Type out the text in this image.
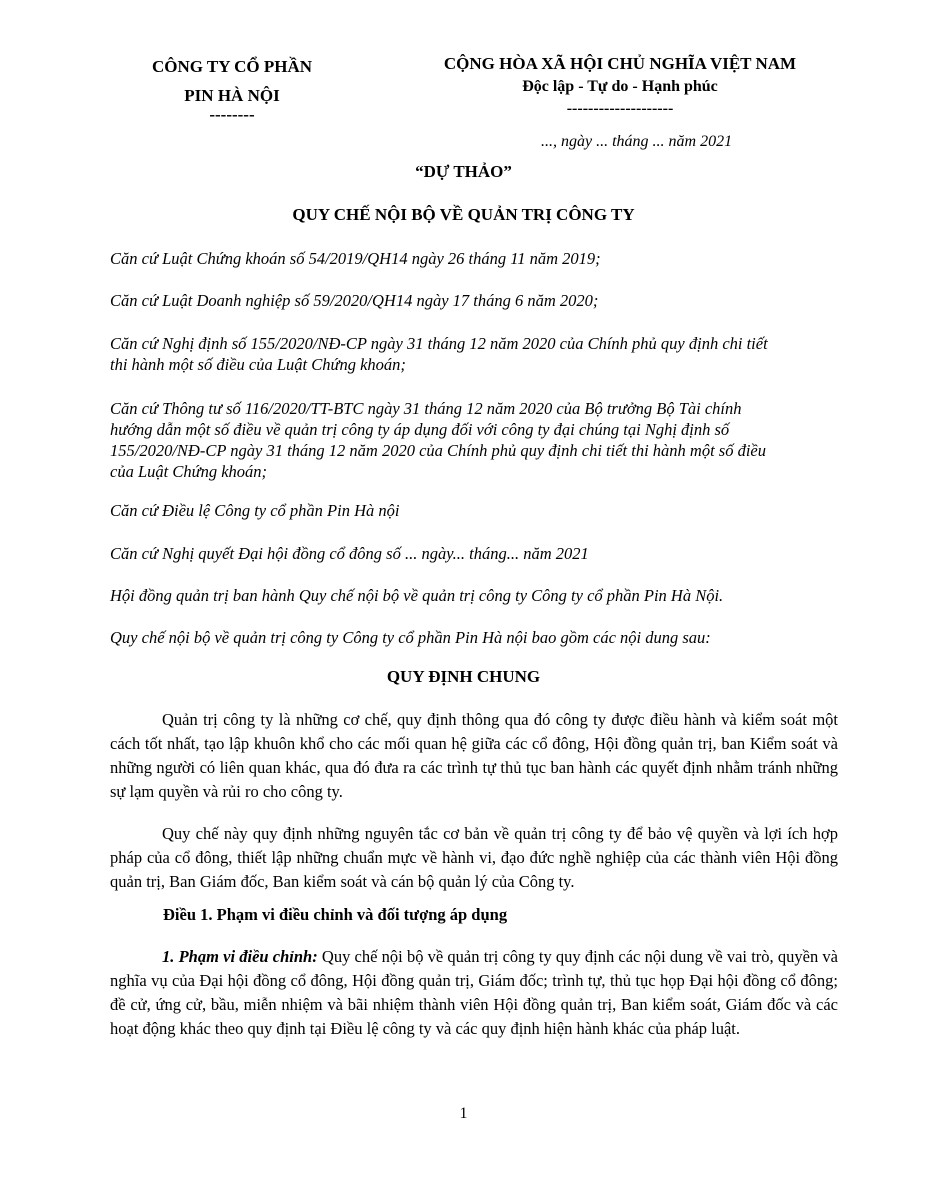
CÔNG TY CỔ PHẦN
PIN HÀ NỘI
--------
CỘNG HÒA XÃ HỘI CHỦ NGHĨA VIỆT NAM
Độc lập - Tự do - Hạnh phúc
--------------------
..., ngày ... tháng ... năm 2021
“DỰ THẢO”
QUY CHẾ NỘI BỘ VỀ QUẢN TRỊ CÔNG TY
Căn cứ Luật Chứng khoán số 54/2019/QH14 ngày 26 tháng 11 năm 2019;
Căn cứ Luật Doanh nghiệp số 59/2020/QH14 ngày 17 tháng 6 năm 2020;
Căn cứ Nghị định số 155/2020/NĐ-CP ngày 31 tháng 12 năm 2020 của Chính phủ quy định chi tiết
thi hành một số điều của Luật Chứng khoán;
Căn cứ Thông tư số 116/2020/TT-BTC ngày 31 tháng 12 năm 2020 của Bộ trưởng Bộ Tài chính
hướng dẫn một số điều về quản trị công ty áp dụng đối với công ty đại chúng tại Nghị định số
155/2020/NĐ-CP ngày 31 tháng 12 năm 2020 của Chính phủ quy định chi tiết thi hành một số điều
của Luật Chứng khoán;
Căn cứ Điều lệ Công ty cổ phần Pin Hà nội
Căn cứ Nghị quyết Đại hội đồng cổ đông số ... ngày... tháng... năm 2021
Hội đồng quản trị ban hành Quy chế nội bộ về quản trị công ty Công ty cổ phần Pin Hà Nội.
Quy chế nội bộ về quản trị công ty Công ty cổ phần Pin Hà nội bao gồm các nội dung sau:
QUY ĐỊNH CHUNG
Quản trị công ty là những cơ chế, quy định thông qua đó công ty được điều hành và kiểm soát một cách tốt nhất, tạo lập khuôn khổ cho các mối quan hệ giữa các cổ đông, Hội đồng quản trị, ban Kiểm soát và những người có liên quan khác, qua đó đưa ra các trình tự thủ tục ban hành các quyết định nhằm tránh những sự lạm quyền và rủi ro cho công ty.
Quy chế này quy định những nguyên tắc cơ bản về quản trị công ty để bảo vệ quyền và lợi ích hợp pháp của cổ đông, thiết lập những chuẩn mực về hành vi, đạo đức nghề nghiệp của các thành viên Hội đồng quản trị, Ban Giám đốc, Ban kiểm soát và cán bộ quản lý của Công ty.
Điều 1. Phạm vi điều chỉnh và đối tượng áp dụng
1. Phạm vi điều chỉnh: Quy chế nội bộ về quản trị công ty quy định các nội dung về vai trò, quyền và nghĩa vụ của Đại hội đồng cổ đông, Hội đồng quản trị, Giám đốc; trình tự, thủ tục họp Đại hội đồng cổ đông; đề cử, ứng cử, bầu, miễn nhiệm và bãi nhiệm thành viên Hội đồng quản trị, Ban kiểm soát, Giám đốc và các hoạt động khác theo quy định tại Điều lệ công ty và các quy định hiện hành khác của pháp luật.
1
